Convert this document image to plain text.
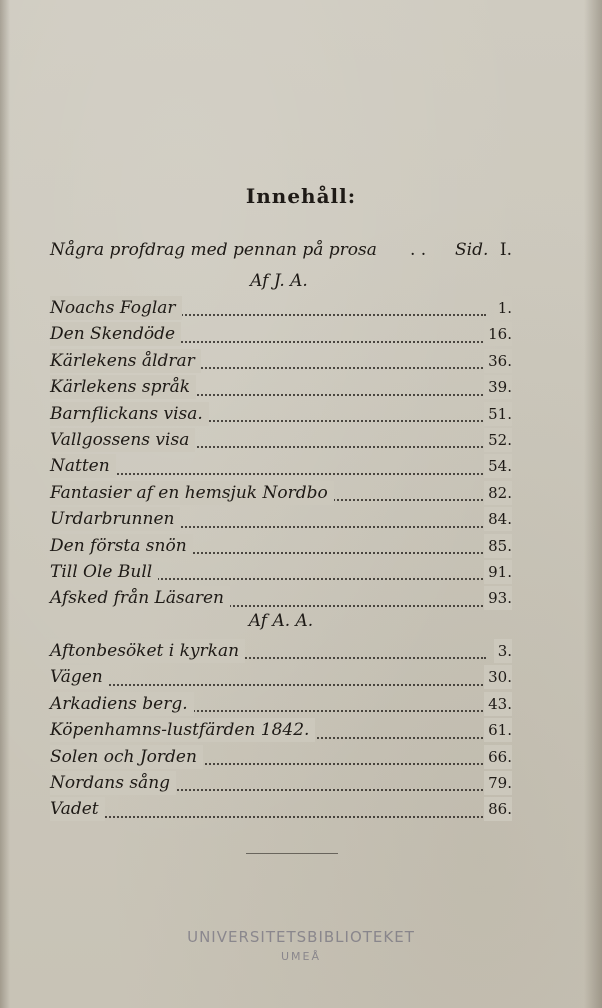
Innehåll:
Några profdrag med pennan på prosa . . Sid. I.
Af J. A.
Noachs Foglar	1.
Den Skendöde	16.
Kärlekens åldrar	36.
Kärlekens språk	39.
Barnflickans visa.	51.
Vallgossens visa	52.
Natten	54.
Fantasier af en hemsjuk Nordbo	82.
Urdarbrunnen	84.
Den första snön	85.
Till Ole Bull	91.
Afsked från Läsaren	93.
Af A. A.
Aftonbesöket i kyrkan	3.
Vägen	30.
Arkadiens berg.	43.
Köpenhamns-lustfärden 1842.	61.
Solen och Jorden	66.
Nordans sång	79.
Vadet	86.
UNIVERSITETSBIBLIOTEKET
UMEÅ
